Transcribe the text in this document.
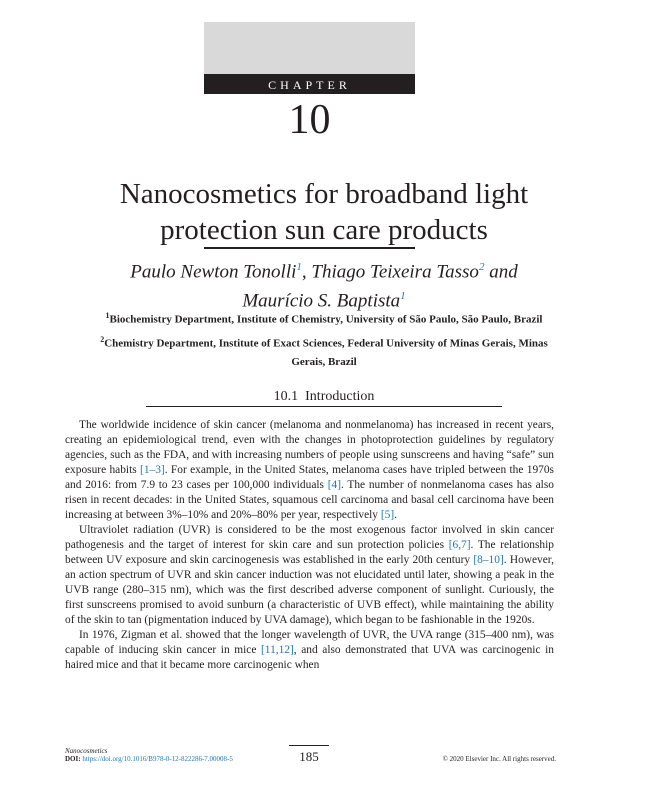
CHAPTER
10
Nanocosmetics for broadband light
protection sun care products
Paulo Newton Tonolli$^1$, Thiago Teixeira Tasso$^2$ and
Maurício S. Baptista$^1$
$^1$Biochemistry Department, Institute of Chemistry, University of São Paulo, São Paulo, Brazil
$^2$Chemistry Department, Institute of Exact Sciences, Federal University of Minas Gerais, Minas
Gerais, Brazil
10.1 Introduction

The worldwide incidence of skin cancer (melanoma and nonmelanoma) has increased in recent years, creating an epidemiological trend, even with the changes in photoprotection guidelines by regulatory agencies, such as the FDA, and with increasing numbers of people using sunscreens and having “safe” sun exposure habits [1–3]. For example, in the United States, melanoma cases have tripled between the 1970s and 2016: from 7.9 to 23 cases per 100,000 individuals [4]. The number of nonmelanoma cases has also risen in recent decades: in the United States, squamous cell carcinoma and basal cell carcinoma have been increasing at between 3%–10% and 20%–80% per year, respectively [5].

Ultraviolet radiation (UVR) is considered to be the most exogenous factor involved in skin cancer pathogenesis and the target of interest for skin care and sun protection policies [6,7]. The relationship between UV exposure and skin carcinogenesis was established in the early 20th century [8–10]. However, an action spectrum of UVR and skin cancer induction was not elucidated until later, showing a peak in the UVB range (280–315 nm), which was the first described adverse component of sunlight. Curiously, the first sunscreens promised to avoid sunburn (a characteristic of UVB effect), while maintaining the ability of the skin to tan (pigmentation induced by UVA damage), which began to be fashionable in the 1920s.

In 1976, Zigman et al. showed that the longer wavelength of UVR, the UVA range (315–400 nm), was capable of inducing skin cancer in mice [11,12], and also demonstrated that UVA was carcinogenic in haired mice and that it became more carcinogenic when

Nanocosmetics
DOI: https://doi.org/10.1016/B978-0-12-822286-7.00008-5	185	© 2020 Elsevier Inc. All rights reserved.
